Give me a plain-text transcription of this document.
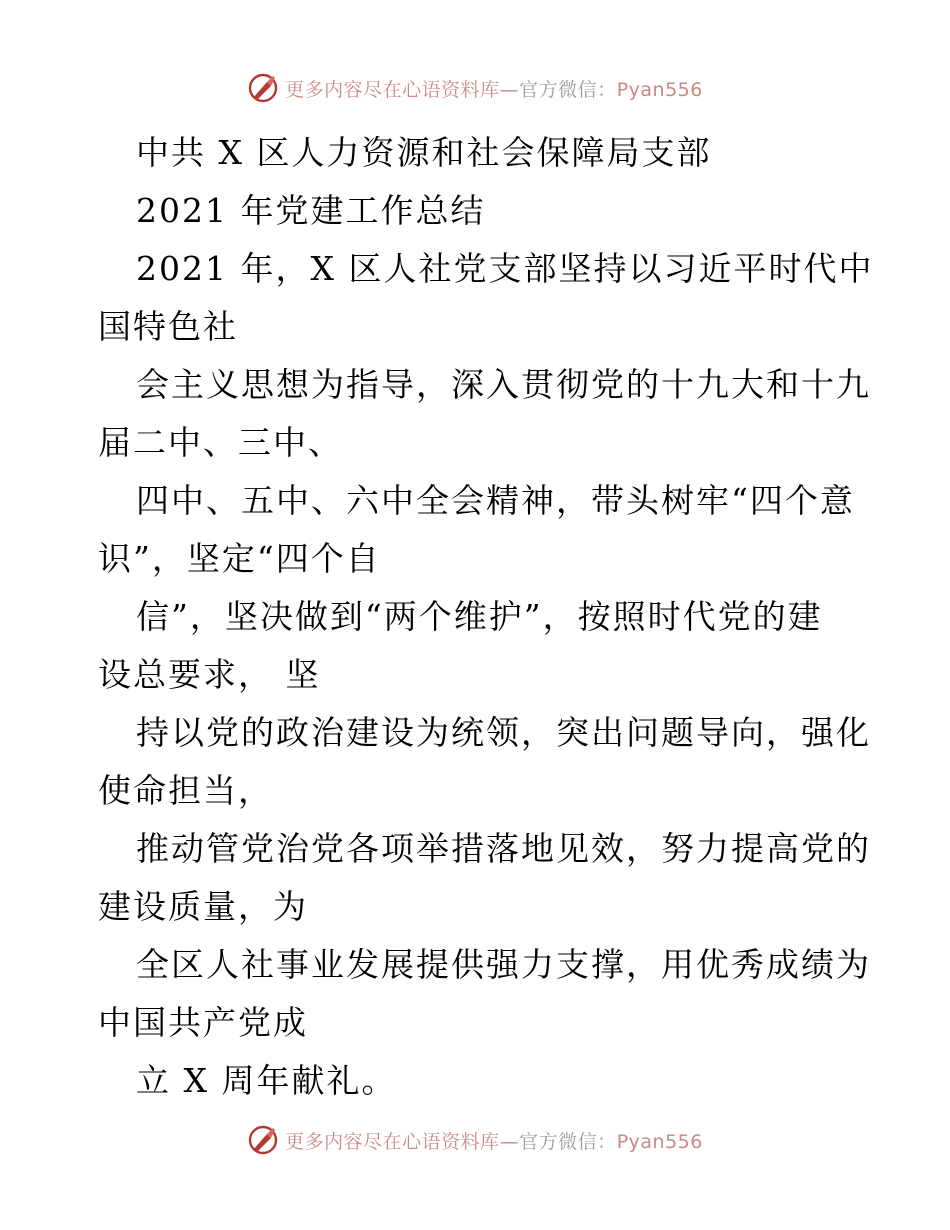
更多内容尽在心语资料库—官方微信：Pyan556
中共 X 区人力资源和社会保障局支部
2021 年党建工作总结
2021 年，X 区人社党支部坚持以习近平时代中
国特色社
会主义思想为指导，深入贯彻党的十九大和十九
届二中、三中、
四中、五中、六中全会精神，带头树牢“四个意
识”，坚定“四个自
信”，坚决做到“两个维护”，按照时代党的建
设总要求， 坚
持以党的政治建设为统领，突出问题导向，强化
使命担当，
推动管党治党各项举措落地见效，努力提高党的
建设质量，为
全区人社事业发展提供强力支撑，用优秀成绩为
中国共产党成
立 X 周年献礼。
更多内容尽在心语资料库—官方微信：Pyan556
